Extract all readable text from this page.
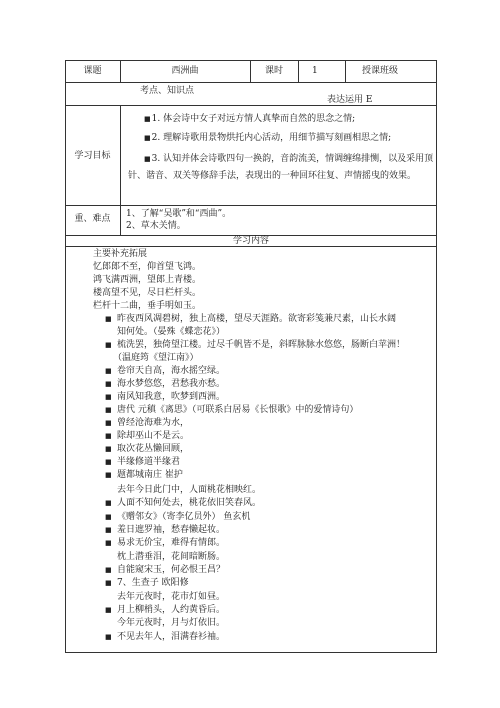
课题	西洲曲	课时	1	授课班级
考点、知识点
表达运用 E
学习目标
■1. 体会诗中女子对远方情人真挚而自然的思念之情;
■2. 理解诗歌用景物烘托内心活动，用细节描写刻画相思之情;
■3. 认知并体会诗歌四句一换韵，音韵流美，情调缠绵排恻，以及采用顶
针、谐音、双关等修辞手法，表现出的一种回环往复、声情摇曳的效果。
重、难点	1、了解“吴歌”和“西曲”。
2、草木关情。
学习内容
主要补充拓展
忆郎郎不至，仰首望飞鸿。
鸿飞满西洲，望郎上青楼。
楼高望不见，尽日栏杆头。
栏杆十二曲，垂手明如玉。
■ 昨夜西风凋碧树，独上高楼，望尽天涯路。欲寄彩笺兼尺素，山长水阔
知何处。（晏殊《蝶恋花》）
■ 梳洗罢，独倚望江楼。过尽千帆皆不是，斜晖脉脉水悠悠，肠断白苹洲！
（温庭筠《望江南》）
■ 卷帘天自高，海水摇空绿。
■ 海水梦悠悠，君愁我亦愁。
■ 南风知我意，吹梦到西洲。
■ 唐代 元稹《离思》（可联系白居易《长恨歌》中的爱情诗句）
■ 曾经沧海难为水，
■ 除却巫山不是云。
■ 取次花丛懒回顾，
■ 半缘修道半缘君
■ 题都城南庄 崔护
去年今日此门中，人面桃花相映红。
■ 人面不知何处去，桃花依旧笑春风。
■ 《赠邻女》（寄李亿员外） 鱼玄机
■ 羞日遮罗袖，愁春懒起妆。
■ 易求无价宝，难得有情郎。
枕上潜垂泪，花间暗断肠。
■ 自能窥宋玉，何必恨王昌？
■ 7、生查子 欧阳修
去年元夜时，花市灯如昼。
■ 月上柳梢头，人约黄昏后。
今年元夜时，月与灯依旧。
■ 不见去年人，泪满春衫袖。
